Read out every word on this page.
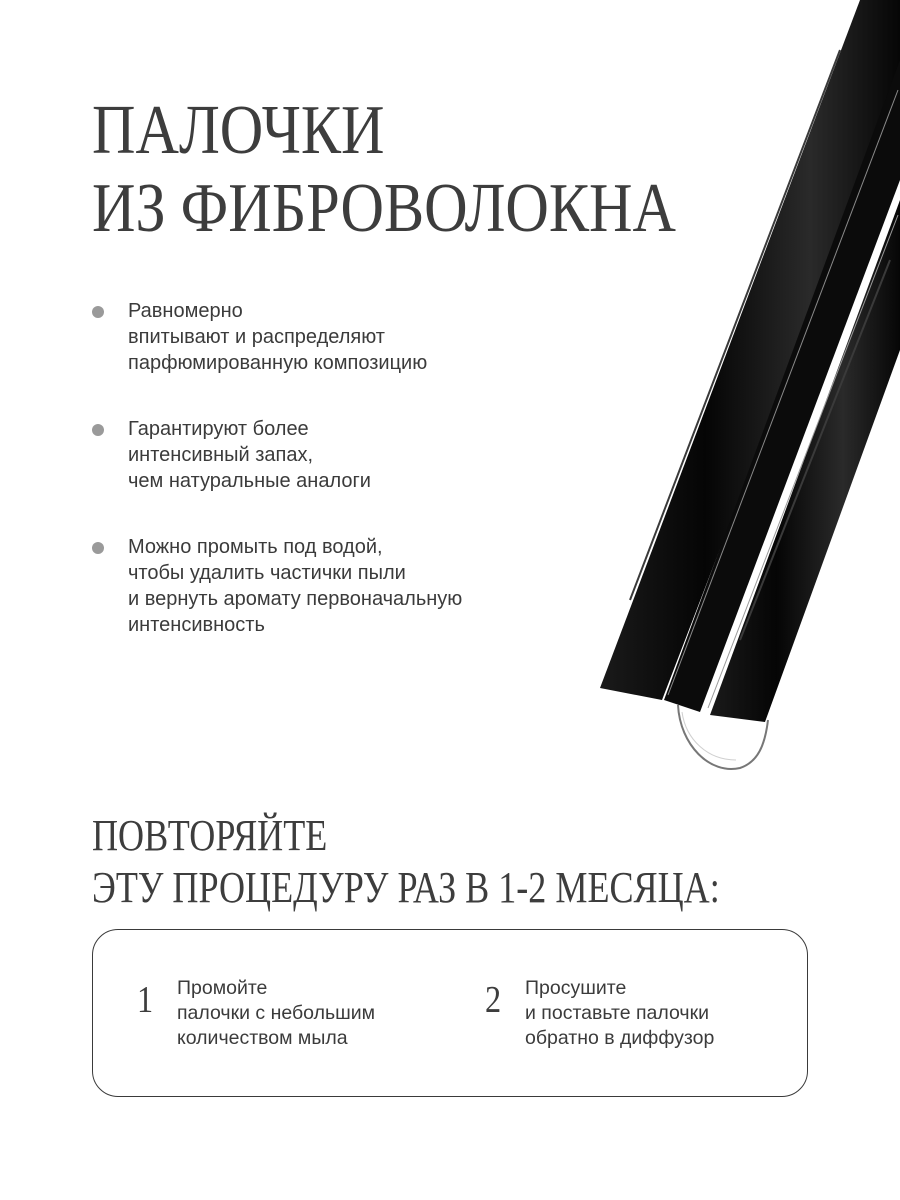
ПАЛОЧКИ
ИЗ ФИБРОВОЛОКНА
Равномерно
впитывают и распределяют
парфюмированную композицию
Гарантируют более
интенсивный запах,
чем натуральные аналоги
Можно промыть под водой,
чтобы удалить частички пыли
и вернуть аромату первоначальную
интенсивность
ПОВТОРЯЙТЕ
ЭТУ ПРОЦЕДУРУ РАЗ В 1-2 МЕСЯЦА:
1	Промойте
палочки с небольшим
количеством мыла
2	Просушите
и поставьте палочки
обратно в диффузор
